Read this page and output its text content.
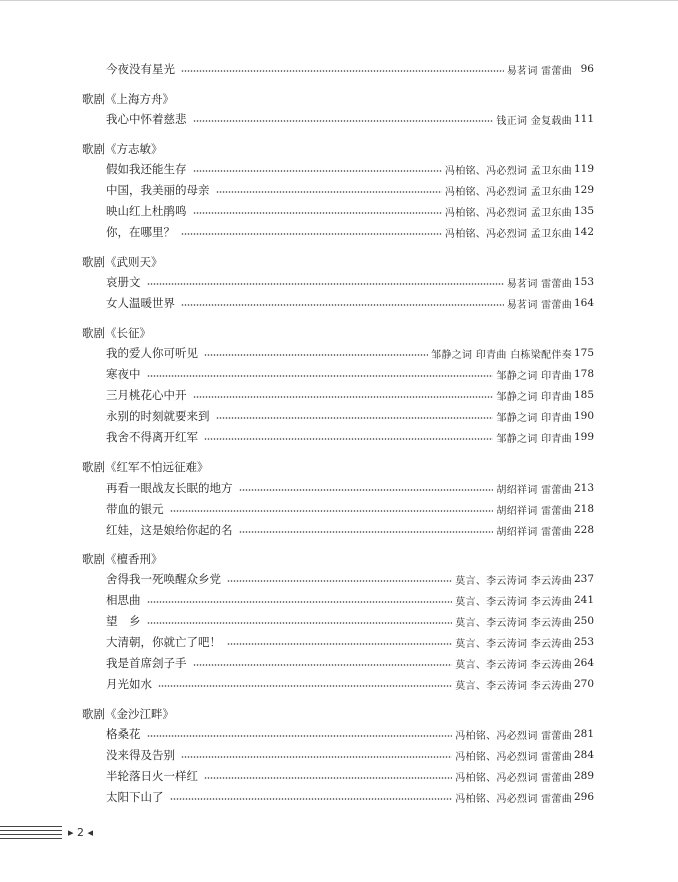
今夜没有星光	易茗词 雷蕾曲 96
歌剧《上海方舟》
我心中怀着慈悲	钱正词 金复载曲 111
歌剧《方志敏》
假如我还能生存	冯柏铭、冯必烈词 孟卫东曲 119
中国，我美丽的母亲	冯柏铭、冯必烈词 孟卫东曲 129
映山红上杜鹃鸣	冯柏铭、冯必烈词 孟卫东曲 135
你，在哪里？	冯柏铭、冯必烈词 孟卫东曲 142
歌剧《武则天》
哀册文	易茗词 雷蕾曲 153
女人温暖世界	易茗词 雷蕾曲 164
歌剧《长征》
我的爱人你可听见	邹静之词 印青曲 白栋梁配伴奏 175
寒夜中	邹静之词 印青曲 178
三月桃花心中开	邹静之词 印青曲 185
永别的时刻就要来到	邹静之词 印青曲 190
我舍不得离开红军	邹静之词 印青曲 199
歌剧《红军不怕远征难》
再看一眼战友长眠的地方	胡绍祥词 雷蕾曲 213
带血的银元	胡绍祥词 雷蕾曲 218
红娃，这是娘给你起的名	胡绍祥词 雷蕾曲 228
歌剧《檀香刑》
舍得我一死唤醒众乡党	莫言、李云涛词 李云涛曲 237
相思曲	莫言、李云涛词 李云涛曲 241
望　乡	莫言、李云涛词 李云涛曲 250
大清朝，你就亡了吧！	莫言、李云涛词 李云涛曲 253
我是首席刽子手	莫言、李云涛词 李云涛曲 264
月光如水	莫言、李云涛词 李云涛曲 270
歌剧《金沙江畔》
格桑花	冯柏铭、冯必烈词 雷蕾曲 281
没来得及告别	冯柏铭、冯必烈词 雷蕾曲 284
半轮落日火一样红	冯柏铭、冯必烈词 雷蕾曲 289
太阳下山了	冯柏铭、冯必烈词 雷蕾曲 296
▸ 2 ◂
